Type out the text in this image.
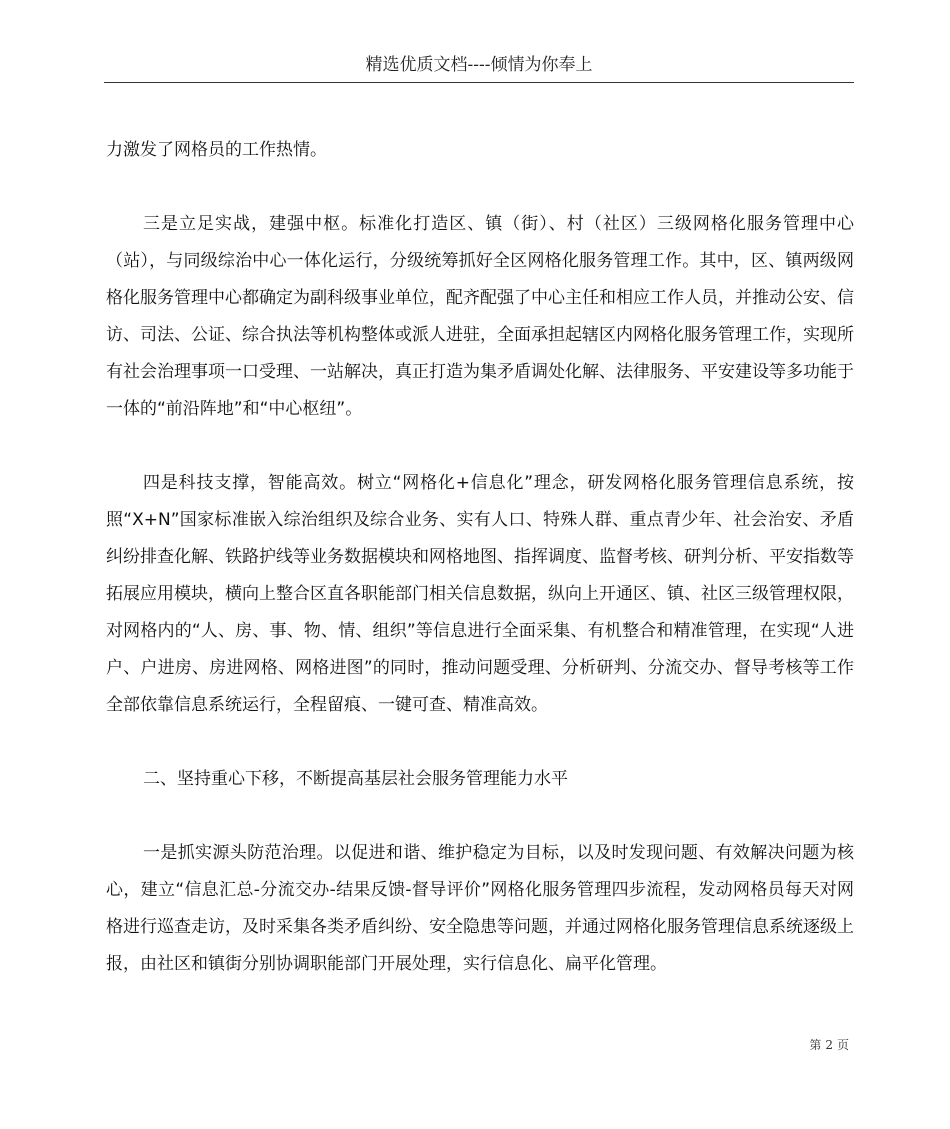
精选优质文档----倾情为你奉上

力激发了网格员的工作热情。

三是立足实战，建强中枢。标准化打造区、镇（街）、村（社区）三级网格化服务管理中心（站），与同级综治中心一体化运行，分级统筹抓好全区网格化服务管理工作。其中，区、镇两级网格化服务管理中心都确定为副科级事业单位，配齐配强了中心主任和相应工作人员，并推动公安、信访、司法、公证、综合执法等机构整体或派人进驻，全面承担起辖区内网格化服务管理工作，实现所有社会治理事项一口受理、一站解决，真正打造为集矛盾调处化解、法律服务、平安建设等多功能于一体的“前沿阵地”和“中心枢纽”。

四是科技支撑，智能高效。树立“网格化+信息化”理念，研发网格化服务管理信息系统，按照“X+N”国家标准嵌入综治组织及综合业务、实有人口、特殊人群、重点青少年、社会治安、矛盾纠纷排查化解、铁路护线等业务数据模块和网格地图、指挥调度、监督考核、研判分析、平安指数等拓展应用模块，横向上整合区直各职能部门相关信息数据，纵向上开通区、镇、社区三级管理权限，对网格内的“人、房、事、物、情、组织”等信息进行全面采集、有机整合和精准管理，在实现“人进户、户进房、房进网格、网格进图”的同时，推动问题受理、分析研判、分流交办、督导考核等工作全部依靠信息系统运行，全程留痕、一键可查、精准高效。

二、坚持重心下移，不断提高基层社会服务管理能力水平

一是抓实源头防范治理。以促进和谐、维护稳定为目标，以及时发现问题、有效解决问题为核心，建立“信息汇总-分流交办-结果反馈-督导评价”网格化服务管理四步流程，发动网格员每天对网格进行巡查走访，及时采集各类矛盾纠纷、安全隐患等问题，并通过网格化服务管理信息系统逐级上报，由社区和镇街分别协调职能部门开展处理，实行信息化、扁平化管理。

第 2 页
